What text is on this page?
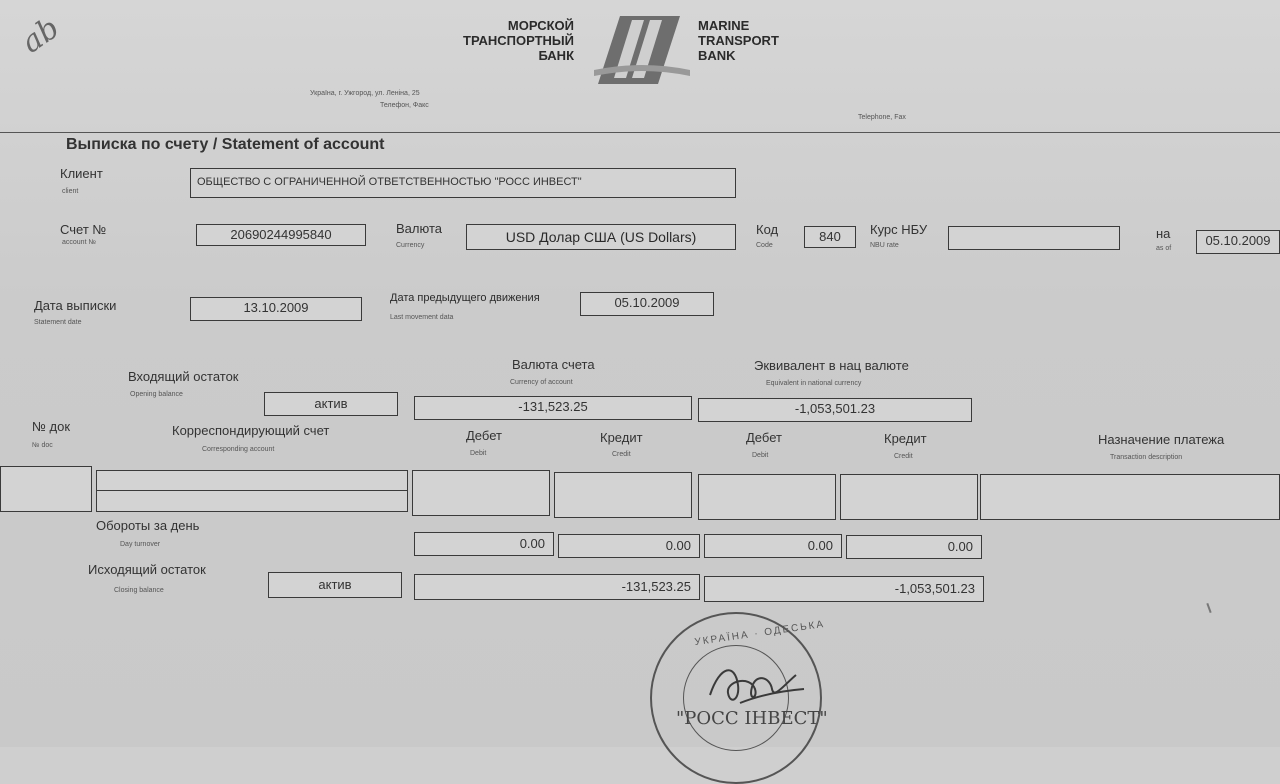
ab	МОРСКОЙ
ТРАНСПОРТНЫЙ
БАНК
MARINE
TRANSPORT
BANK
Україна, г. Ужгород, ул. Леніна, 25
Телефон, Факс
Telephone, Fax
Выписка по счету / Statement of account
Клиент
client
ОБЩЕСТВО С ОГРАНИЧЕННОЙ ОТВЕТСТВЕННОСТЬЮ "РОСС ИНВЕСТ"
Счет №
account №
20690244995840	Валюта
Currency
USD Долар США (US Dollars)	Код
Code
840	Курс НБУ
NBU rate
на
as of
05.10.2009
Дата выписки
Statement date
13.10.2009
Дата предыдущего движения
Last movement data
05.10.2009
Валюта счета
Currency of account
Эквивалент в нац валюте
Equivalent in national currency
Входящий остаток
Opening balance
актив	-131,523.25	-1,053,501.23
№ док
№ doc
Корреспондирующий счет
Corresponding account
Дебет
Debit
Кредит
Credit
Дебет
Debit
Кредит
Credit
Назначение платежа
Transaction description
Обороты за день
Day turnover	0.00	0.00	0.00	0.00
Исходящий остаток
Closing balance	актив	-131,523.25	-1,053,501.23
УКРАЇНА · ОДЕСЬКА
"РОСС ІНВЕСТ"
